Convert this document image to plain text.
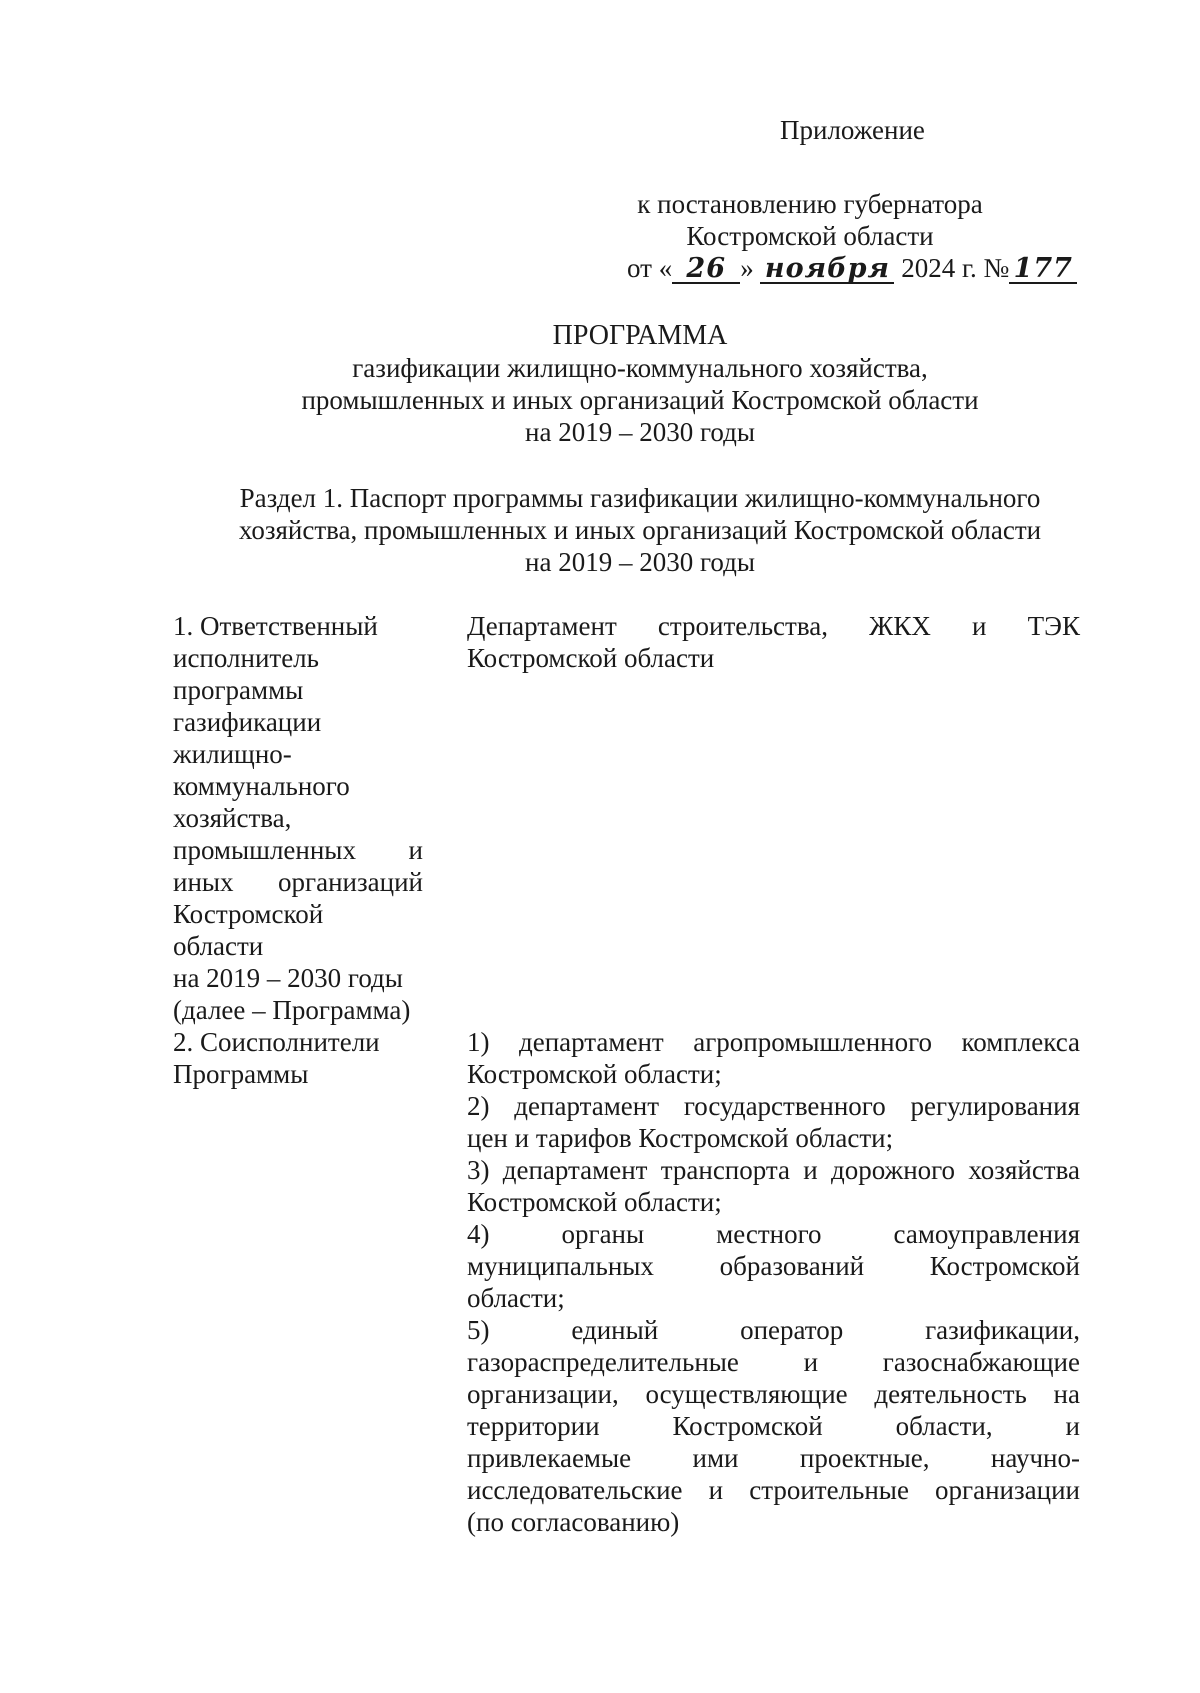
Приложение
к постановлению губернатора
Костромской области
от « 26 » ноября 2024 г. № 177
ПРОГРАММА
газификации жилищно-коммунального хозяйства,
промышленных и иных организаций Костромской области
на 2019 – 2030 годы
Раздел 1. Паспорт программы газификации жилищно-коммунального
хозяйства, промышленных и иных организаций Костромской области
на 2019 – 2030 годы
1. Ответственный
исполнитель
программы
газификации
жилищно-
коммунального
хозяйства,
промышленных и
иных организаций
Костромской
области
на 2019 – 2030 годы
(далее – Программа)
Департамент строительства, ЖКХ и ТЭК
Костромской области
2. Соисполнители
Программы
1) департамент агропромышленного комплекса
Костромской области;
2) департамент государственного регулирования
цен и тарифов Костромской области;
3) департамент транспорта и дорожного хозяйства
Костромской области;
4) органы местного самоуправления
муниципальных образований Костромской
области;
5) единый оператор газификации,
газораспределительные и газоснабжающие
организации, осуществляющие деятельность на
территории Костромской области, и
привлекаемые ими проектные, научно-
исследовательские и строительные организации
(по согласованию)
